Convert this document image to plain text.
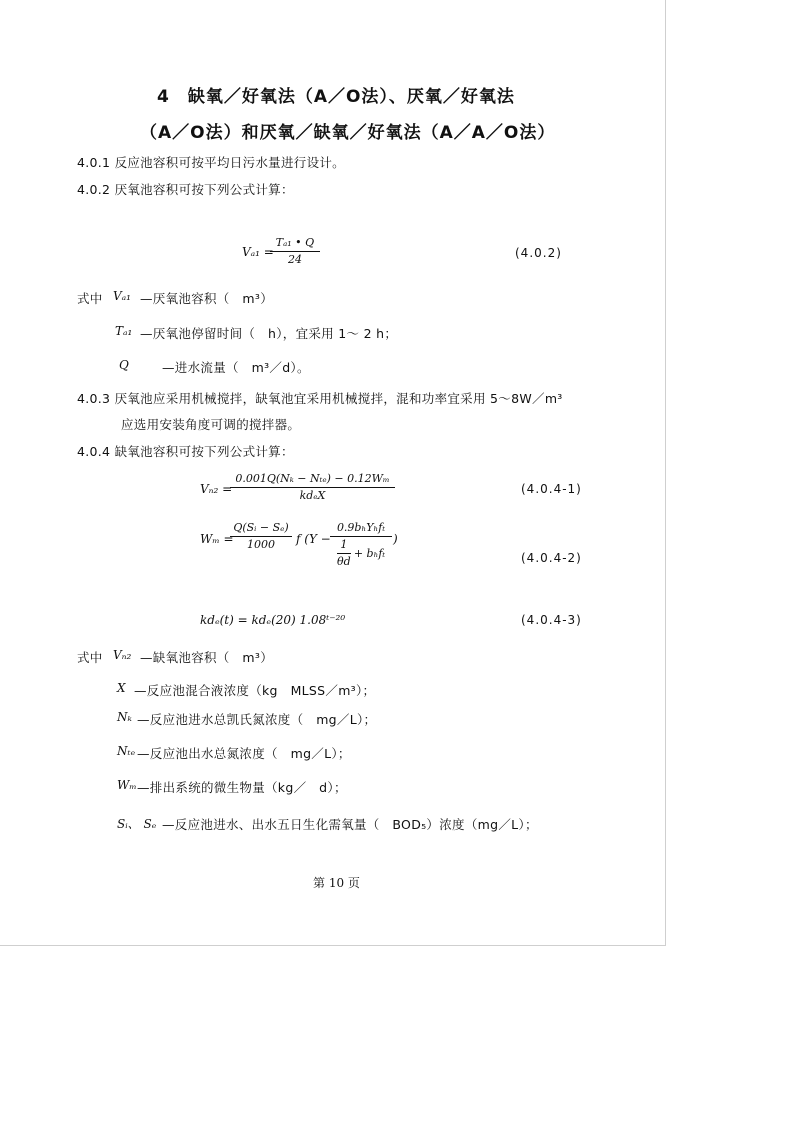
4　缺氧／好氧法（A／O法）、厌氧／好氧法
（A／O法）和厌氧／缺氧／好氧法（A／A／O法）
4.0.1 反应池容积可按平均日污水量进行设计。
4.0.2 厌氧池容积可按下列公式计算：
Vₐ₁ =
Tₐ₁ • Q
24	(4.0.2)
式中 Vₐ₁ —厌氧池容积（　m³）
Tₐ₁ —厌氧池停留时间（　h），宜采用 1～ 2 h；
Q	—进水流量（　m³／d）。
4.0.3 厌氧池应采用机械搅拌，缺氧池宜采用机械搅拌，混和功率宜采用 5～8W／m³
应选用安装角度可调的搅拌器。
4.0.4 缺氧池容积可按下列公式计算：
Vₙ₂ =
0.001Q(Nₖ − Nₜₑ) − 0.12Wₘ
kdₑX	(4.0.4-1)
Wₘ =
Q(Sᵢ − Sₑ)
1000	f (Y −
0.9bₕYₕfₜ
$\frac{1}{\theta d} + b_hf_t$
)
(4.0.4-2)
kdₑ(t) = kdₑ(20) 1.08ᵗ⁻²⁰	(4.0.4-3)
式中 Vₙ₂ —缺氧池容积（　m³）
X —反应池混合液浓度（kg　MLSS／m³）；
Nₖ —反应池进水总凯氏氮浓度（　mg／L）；
Nₜₑ —反应池出水总氮浓度（　mg／L）；
Wₘ —排出系统的微生物量（kg／　d）；
Sᵢ、 Sₑ —反应池进水、出水五日生化需氧量（　BOD₅）浓度（mg／L）；
第 10 页
